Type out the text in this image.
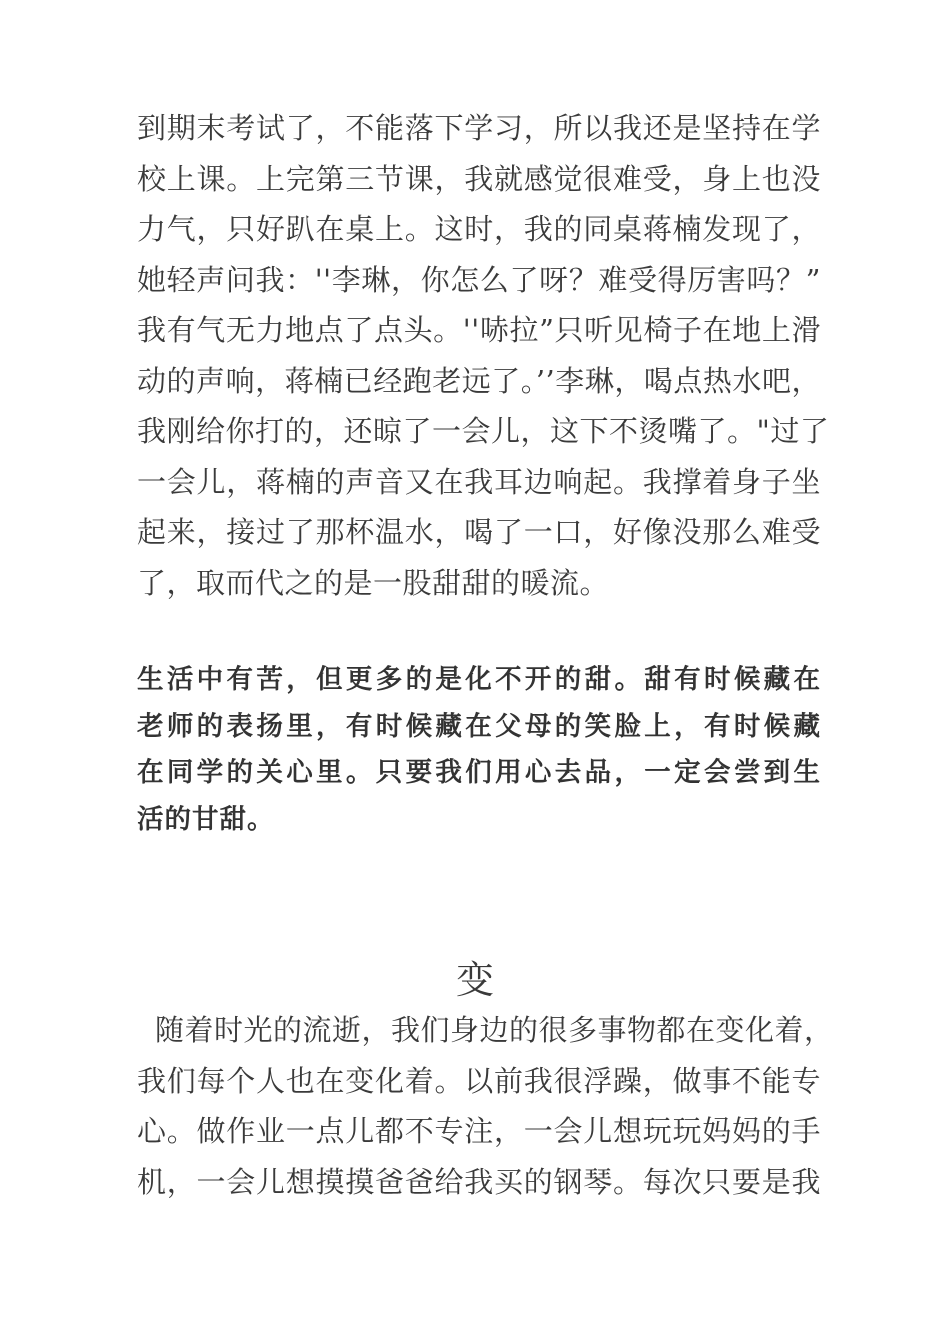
到期末考试了，不能落下学习，所以我还是坚持在学
校上课。上完第三节课，我就感觉很难受，身上也没
力气，只好趴在桌上。这时，我的同桌蒋楠发现了，
她轻声问我：''李琳，你怎么了呀？难受得厉害吗？”
我有气无力地点了点头。''哧拉”只听见椅子在地上滑
动的声响，蒋楠已经跑老远了。’’李琳，喝点热水吧，
我刚给你打的，还晾了一会儿，这下不烫嘴了。"过了
一会儿，蒋楠的声音又在我耳边响起。我撑着身子坐
起来，接过了那杯温水，喝了一口，好像没那么难受
了，取而代之的是一股甜甜的暖流。
生活中有苦，但更多的是化不开的甜。甜有时候藏在
老师的表扬里，有时候藏在父母的笑脸上，有时候藏
在同学的关心里。只要我们用心去品，一定会尝到生
活的甘甜。
变
随着时光的流逝，我们身边的很多事物都在变化着，
我们每个人也在变化着。以前我很浮躁，做事不能专
心。做作业一点儿都不专注，一会儿想玩玩妈妈的手
机，一会儿想摸摸爸爸给我买的钢琴。每次只要是我
